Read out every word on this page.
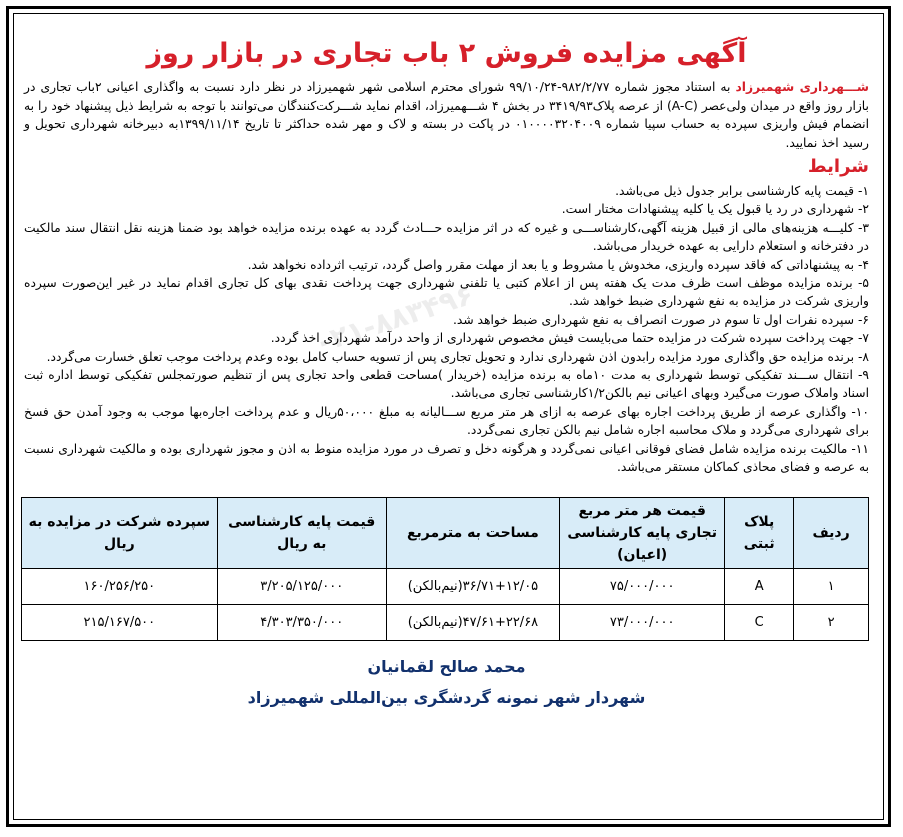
۰۲۱-۸۸۳۴۹۶
آگهی مزایده فروش ۲ باب تجاری در بازار روز

شـــهرداری شهمیرزاد به استناد مجوز شماره ۹۸۲/۲/۷۷-۹۹/۱۰/۲۴ شورای محترم اسلامی شهر شهمیرزاد در نظر دارد نسبت به واگذاری اعیانی ۲باب تجاری در بازار روز واقع در میدان ولی‌عصر (A-C) از عرصه پلاک۳۴۱۹/۹۳ در بخش ۴ شـــهمیرزاد، اقدام نماید شـــرکت‌کنندگان می‌توانند با توجه به شرایط ذیل پیشنهاد خود را به انضمام فیش واریزی سپرده به حساب سپیا شماره ۰۱۰۰۰۰۳۲۰۴۰۰۹ در پاکت در بسته و لاک و مهر شده حداکثر تا تاریخ ۱۳۹۹/۱۱/۱۴به دبیرخانه شهرداری تحویل و رسید اخذ نمایید.

شرایط

۱- قیمت پایه کارشناسی برابر جدول ذیل می‌باشد.

۲- شهرداری در رد یا قبول یک یا کلیه پیشنهادات مختار است.

۳- کلیـــه هزینه‌های مالی از قبیل هزینه آگهی،کارشناســـی و غیره که در اثر مزایده حـــادث گردد به عهده برنده مزایده خواهد بود ضمنا هزینه نقل انتقال سند مالکیت در دفترخانه و استعلام دارایی به عهده خریدار می‌باشد.

۴- به پیشنهاداتی که فاقد سپرده واریزی، مخدوش یا مشروط و یا بعد از مهلت مقرر واصل گردد، ترتیب اثرداده نخواهد شد.

۵- برنده مزایده موظف است ظرف مدت یک هفته پس از اعلام کتبی یا تلفنی شهرداری جهت پرداخت نقدی بهای کل تجاری اقدام نماید در غیر این‌صورت سپرده واریزی شرکت در مزایده به نفع شهرداری ضبط خواهد شد.

۶- سپرده نفرات اول تا سوم در صورت انصراف به نفع شهرداری ضبط خواهد شد.

۷- جهت پرداخت سپرده شرکت در مزایده حتما می‌بایست فیش مخصوص شهرداری از واحد درآمد شهرداری اخذ گردد.

۸- برنده مزایده حق واگذاری مورد مزایده رابدون اذن شهرداری ندارد و تحویل تجاری پس از تسویه حساب کامل بوده وعدم پرداخت موجب تعلق خسارت می‌گردد.

۹- انتقال ســـند تفکیکی توسط شهرداری به مدت ۱۰ماه به برنده مزایده (خریدار )مساحت قطعی واحد تجاری پس از تنظیم صورتمجلس تفکیکی توسط اداره ثبت اسناد واملاک صورت می‌گیرد وبهای اعیانی نیم بالکن۱/۲کارشناسی تجاری می‌باشد.

۱۰- واگذاری عرصه از طریق پرداخت اجاره بهای عرصه به ازای هر متر مربع ســـالیانه به مبلغ ۵۰،۰۰۰ریال و عدم پرداخت اجاره‌بها موجب به وجود آمدن حق فسخ برای شهرداری می‌گردد و ملاک محاسبه اجاره شامل نیم بالکن تجاری نمی‌گردد.

۱۱- مالکیت برنده مزایده شامل فضای فوقانی اعیانی نمی‌گردد و هرگونه دخل و تصرف در مورد مزایده منوط به اذن و مجوز شهرداری بوده و مالکیت شهرداری نسبت به عرصه و فضای محاذی کماکان مستقر می‌باشد.

ردیف	پلاک ثبتی	قیمت هر متر مربع تجاری پایه کارشناسی (اعیان)	مساحت به مترمربع	قیمت پایه کارشناسی به ریال	سپرده شرکت در مزایده به ریال
۱	A	۷۵/۰۰۰/۰۰۰	۳۶/۷۱+۱۲/۰۵(نیم‌بالکن)	۳/۲۰۵/۱۲۵/۰۰۰	۱۶۰/۲۵۶/۲۵۰
۲	C	۷۳/۰۰۰/۰۰۰	۴۷/۶۱+۲۲/۶۸(نیم‌بالکن)	۴/۳۰۳/۳۵۰/۰۰۰	۲۱۵/۱۶۷/۵۰۰
محمد صالح لقمانیان
شهردار شهر نمونه گردشگری بین‌المللی شهمیرزاد
